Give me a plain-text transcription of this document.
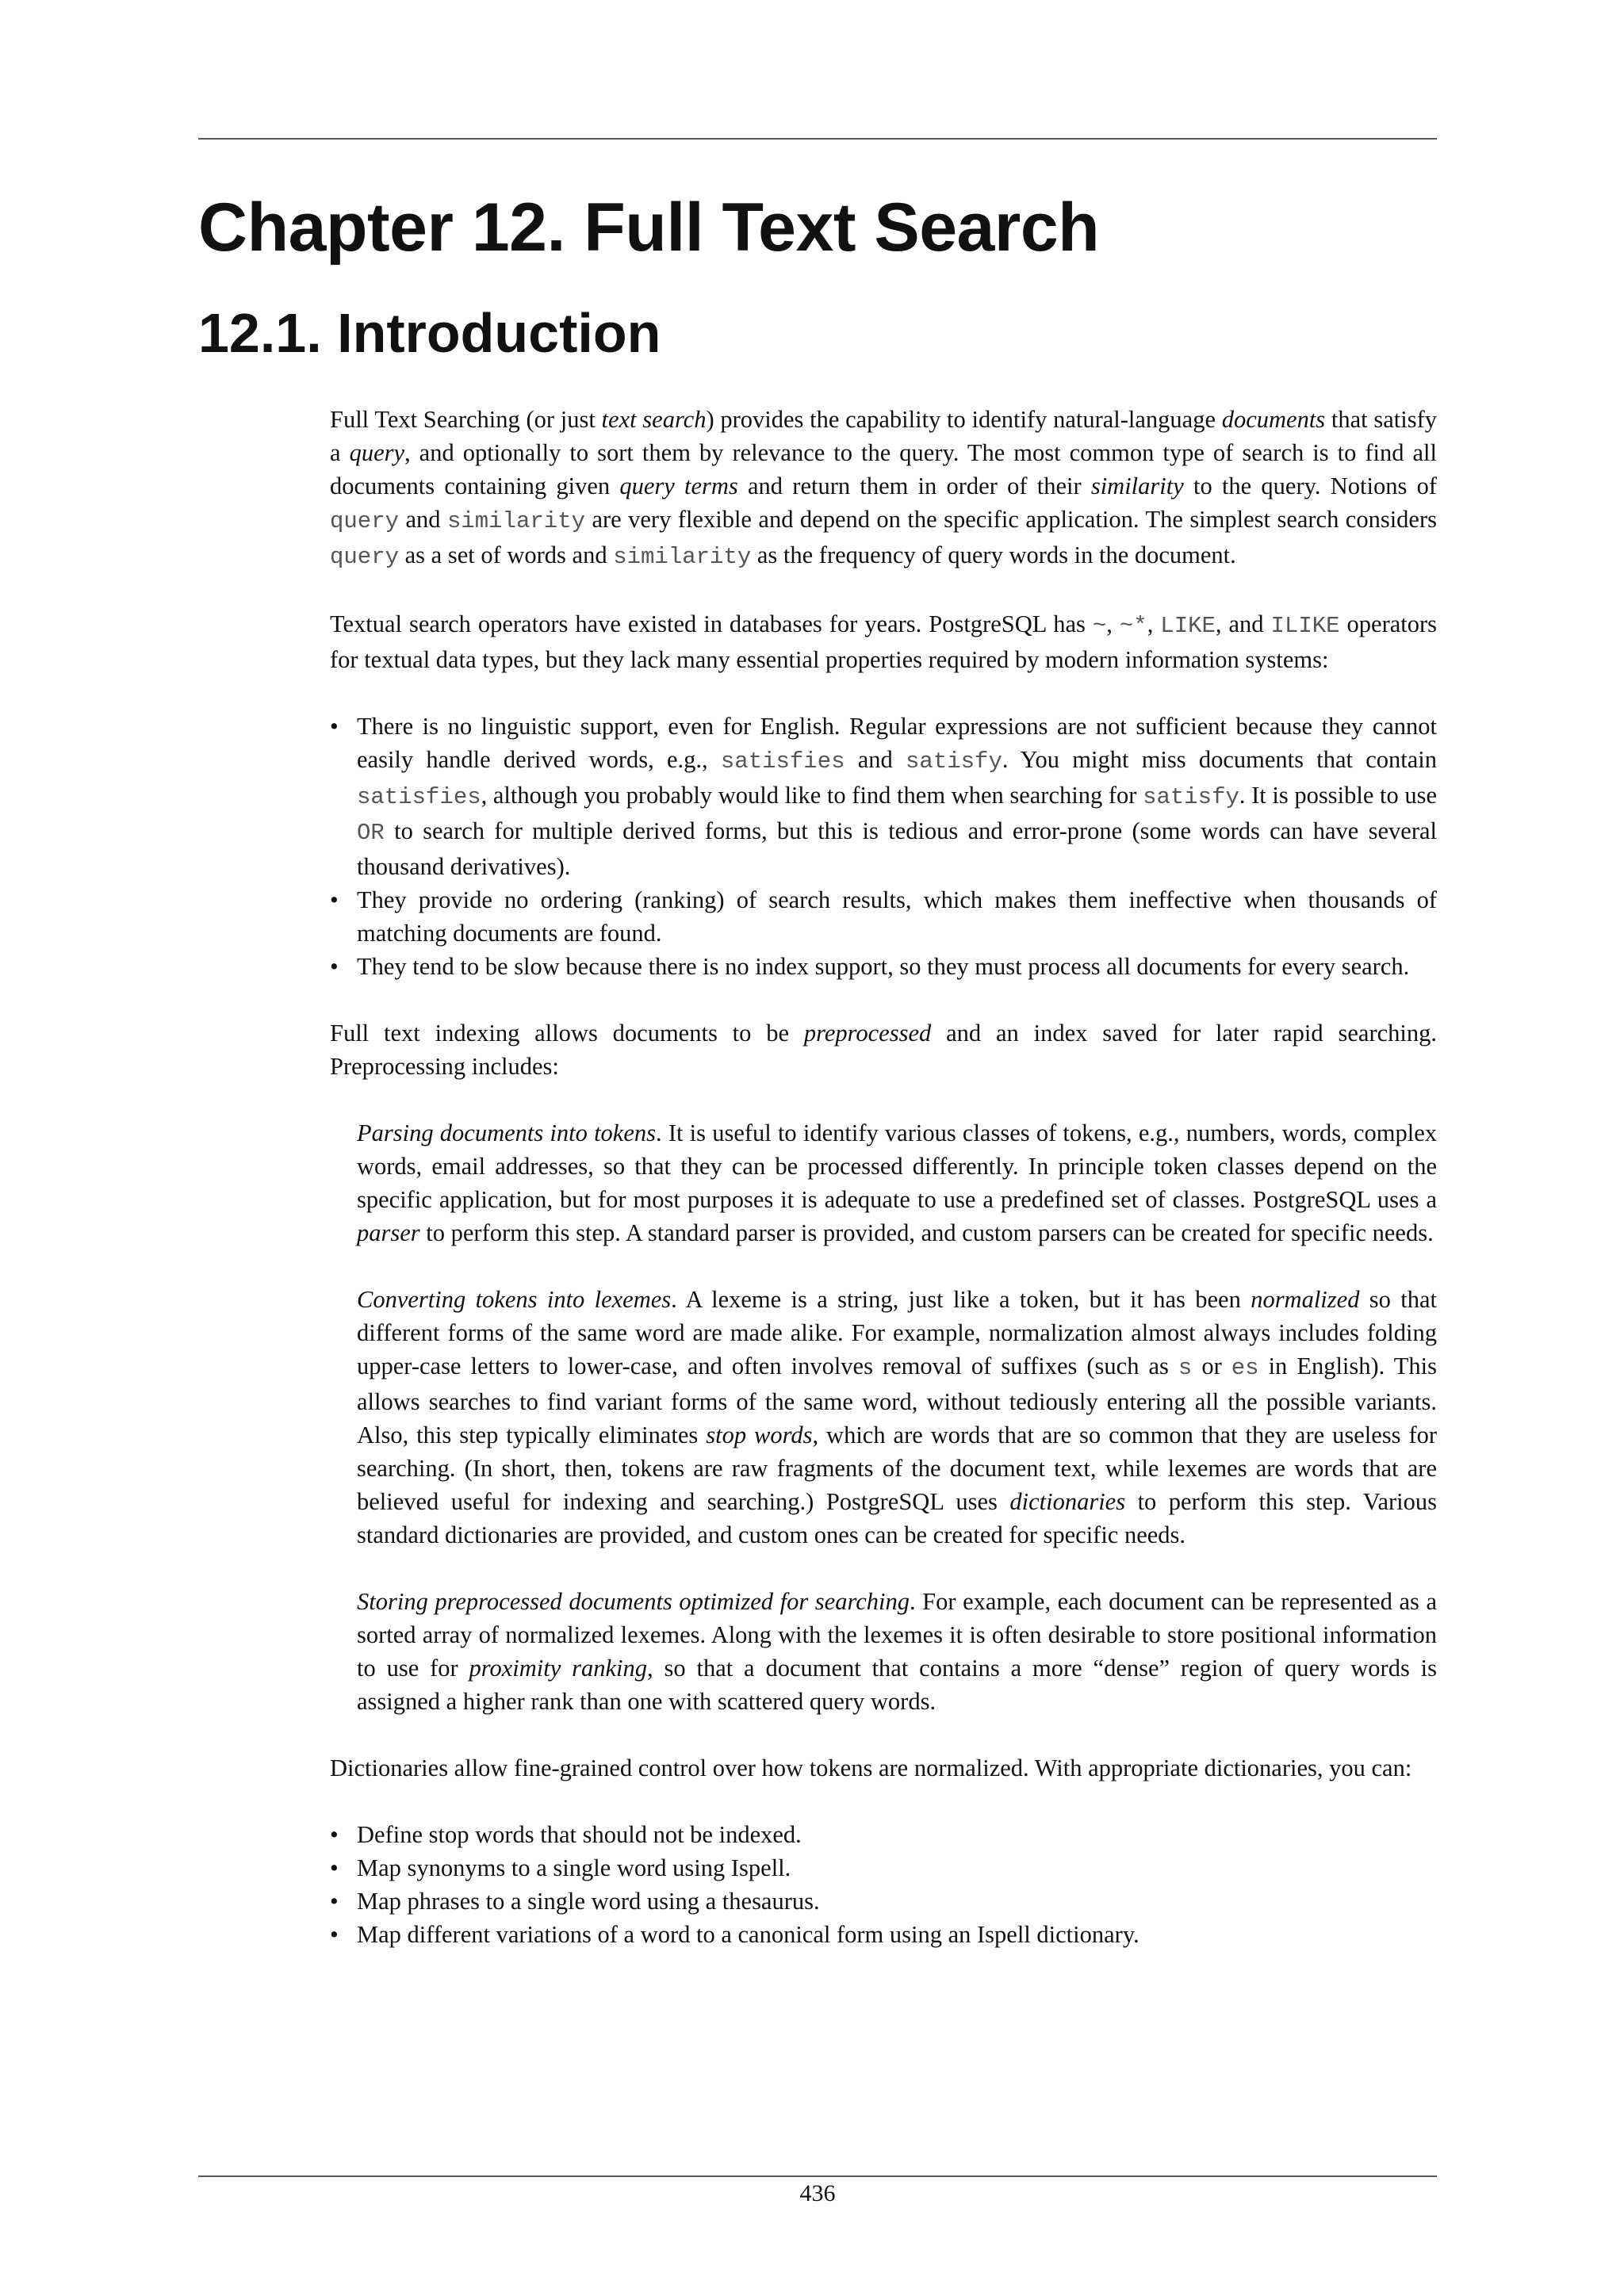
Chapter 12. Full Text Search
12.1. Introduction

Full Text Searching (or just text search) provides the capability to identify natural-language documents that satisfy a query, and optionally to sort them by relevance to the query. The most common type of search is to find all documents containing given query terms and return them in order of their similarity to the query. Notions of query and similarity are very flexible and depend on the specific application. The simplest search considers query as a set of words and similarity as the frequency of query words in the document.

Textual search operators have existed in databases for years. PostgreSQL has ~, ~*, LIKE, and ILIKE operators for textual data types, but they lack many essential properties required by modern information systems:

• There is no linguistic support, even for English. Regular expressions are not sufficient because they cannot easily handle derived words, e.g., satisfies and satisfy. You might miss documents that contain satisfies, although you probably would like to find them when searching for satisfy. It is possible to use OR to search for multiple derived forms, but this is tedious and error-prone (some words can have several thousand derivatives).
• They provide no ordering (ranking) of search results, which makes them ineffective when thousands of matching documents are found.
• They tend to be slow because there is no index support, so they must process all documents for every search.

Full text indexing allows documents to be preprocessed and an index saved for later rapid searching. Preprocessing includes:

Parsing documents into tokens. It is useful to identify various classes of tokens, e.g., numbers, words, complex words, email addresses, so that they can be processed differently. In principle token classes depend on the specific application, but for most purposes it is adequate to use a predefined set of classes. PostgreSQL uses a parser to perform this step. A standard parser is provided, and custom parsers can be created for specific needs.

Converting tokens into lexemes. A lexeme is a string, just like a token, but it has been normalized so that different forms of the same word are made alike. For example, normalization almost always includes folding upper-case letters to lower-case, and often involves removal of suffixes (such as s or es in English). This allows searches to find variant forms of the same word, without tediously entering all the possible variants. Also, this step typically eliminates stop words, which are words that are so common that they are useless for searching. (In short, then, tokens are raw fragments of the document text, while lexemes are words that are believed useful for indexing and searching.) PostgreSQL uses dictionaries to perform this step. Various standard dictionaries are provided, and custom ones can be created for specific needs.

Storing preprocessed documents optimized for searching. For example, each document can be represented as a sorted array of normalized lexemes. Along with the lexemes it is often desirable to store positional information to use for proximity ranking, so that a document that contains a more “dense” region of query words is assigned a higher rank than one with scattered query words.

Dictionaries allow fine-grained control over how tokens are normalized. With appropriate dictionaries, you can:

• Define stop words that should not be indexed.
• Map synonyms to a single word using Ispell.
• Map phrases to a single word using a thesaurus.
• Map different variations of a word to a canonical form using an Ispell dictionary.
436
